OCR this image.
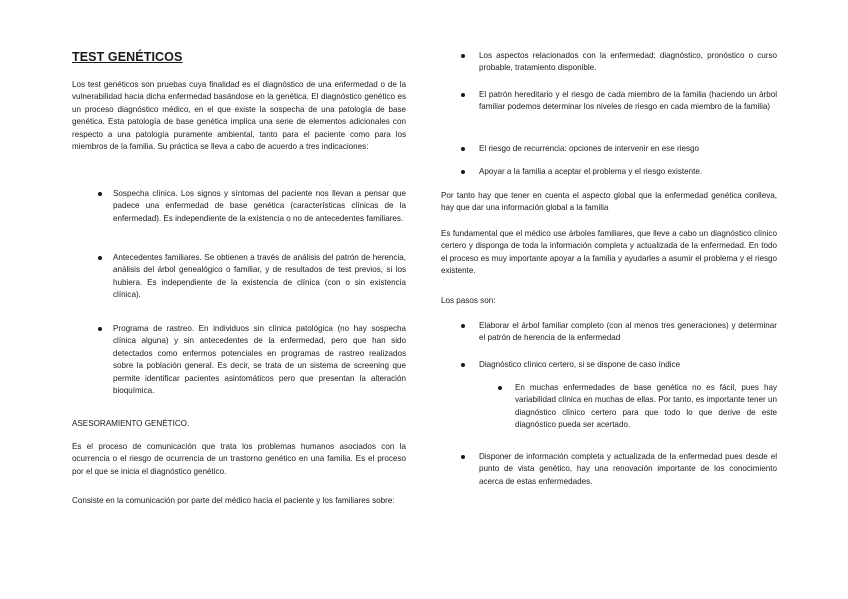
TEST GENÉTICOS

Los test genéticos son pruebas cuya finalidad es el diagnóstico de una enfermedad o de la vulnerabilidad hacia dicha enfermedad basándose en la genética. El diagnóstico genético es un proceso diagnóstico médico, en el que existe la sospecha de una patología de base genética. Esta patología de base genética implica una serie de elementos adicionales con respecto a una patología puramente ambiental, tanto para el paciente como para los miembros de la familia. Su práctica se lleva a cabo de acuerdo a tres indicaciones:

Sospecha clínica. Los signos y síntomas del paciente nos llevan a pensar que padece una enfermedad de base genética (características clínicas de la enfermedad). Es independiente de la existencia o no de antecedentes familiares.

Antecedentes familiares. Se obtienen a través de análisis del patrón de herencia, análisis del árbol genealógico o familiar, y de resultados de test previos, si los hubiera. Es independiente de la existencia de clínica (con o sin existencia clínica).

Programa de rastreo. En individuos sin clínica patológica (no hay sospecha clínica alguna) y sin antecedentes de la enfermedad, pero que han sido detectados como enfermos potenciales en programas de rastreo realizados sobre la población general. Es decir, se trata de un sistema de screening que permite identificar pacientes asintomáticos pero que presentan la alteración bioquímica.

ASESORAMIENTO GENÉTICO.

Es el proceso de comunicación que trata los problemas humanos asociados con la ocurrencia o el riesgo de ocurrencia de un trastorno genético en una familia. Es el proceso por el que se inicia el diagnóstico genético.

Consiste en la comunicación por parte del médico hacia el paciente y los familiares sobre:

Los aspectos relacionados con la enfermedad: diagnóstico, pronóstico o curso probable, tratamiento disponible.

El patrón hereditario y el riesgo de cada miembro de la familia (haciendo un árbol familiar podemos determinar los niveles de riesgo en cada miembro de la familia)

El riesgo de recurrencia: opciones de intervenir en ese riesgo

Apoyar a la familia a aceptar el problema y el riesgo existente.

Por tanto hay que tener en cuenta el aspecto global que la enfermedad genética conlleva, hay que dar una información global a la familia

Es fundamental que el médico use árboles familiares, que lleve a cabo un diagnóstico clínico certero y disponga de toda la información completa y actualizada de la enfermedad. En todo el proceso es muy importante apoyar a la familia y ayudarles a asumir el problema y el riesgo existente.

Los pasos son:

Elaborar el árbol familiar completo (con al menos tres generaciones) y determinar el patrón de herencia de la enfermedad

Diagnóstico clínico certero, si se dispone de caso índice

En muchas enfermedades de base genética no es fácil, pues hay variabilidad clínica en muchas de ellas. Por tanto, es importante tener un diagnóstico clínico certero para que todo lo que derive de este diagnóstico pueda ser acertado.

Disponer de información completa y actualizada de la enfermedad pues desde el punto de vista genético, hay una renovación importante de los conocimiento acerca de estas enfermedades.
